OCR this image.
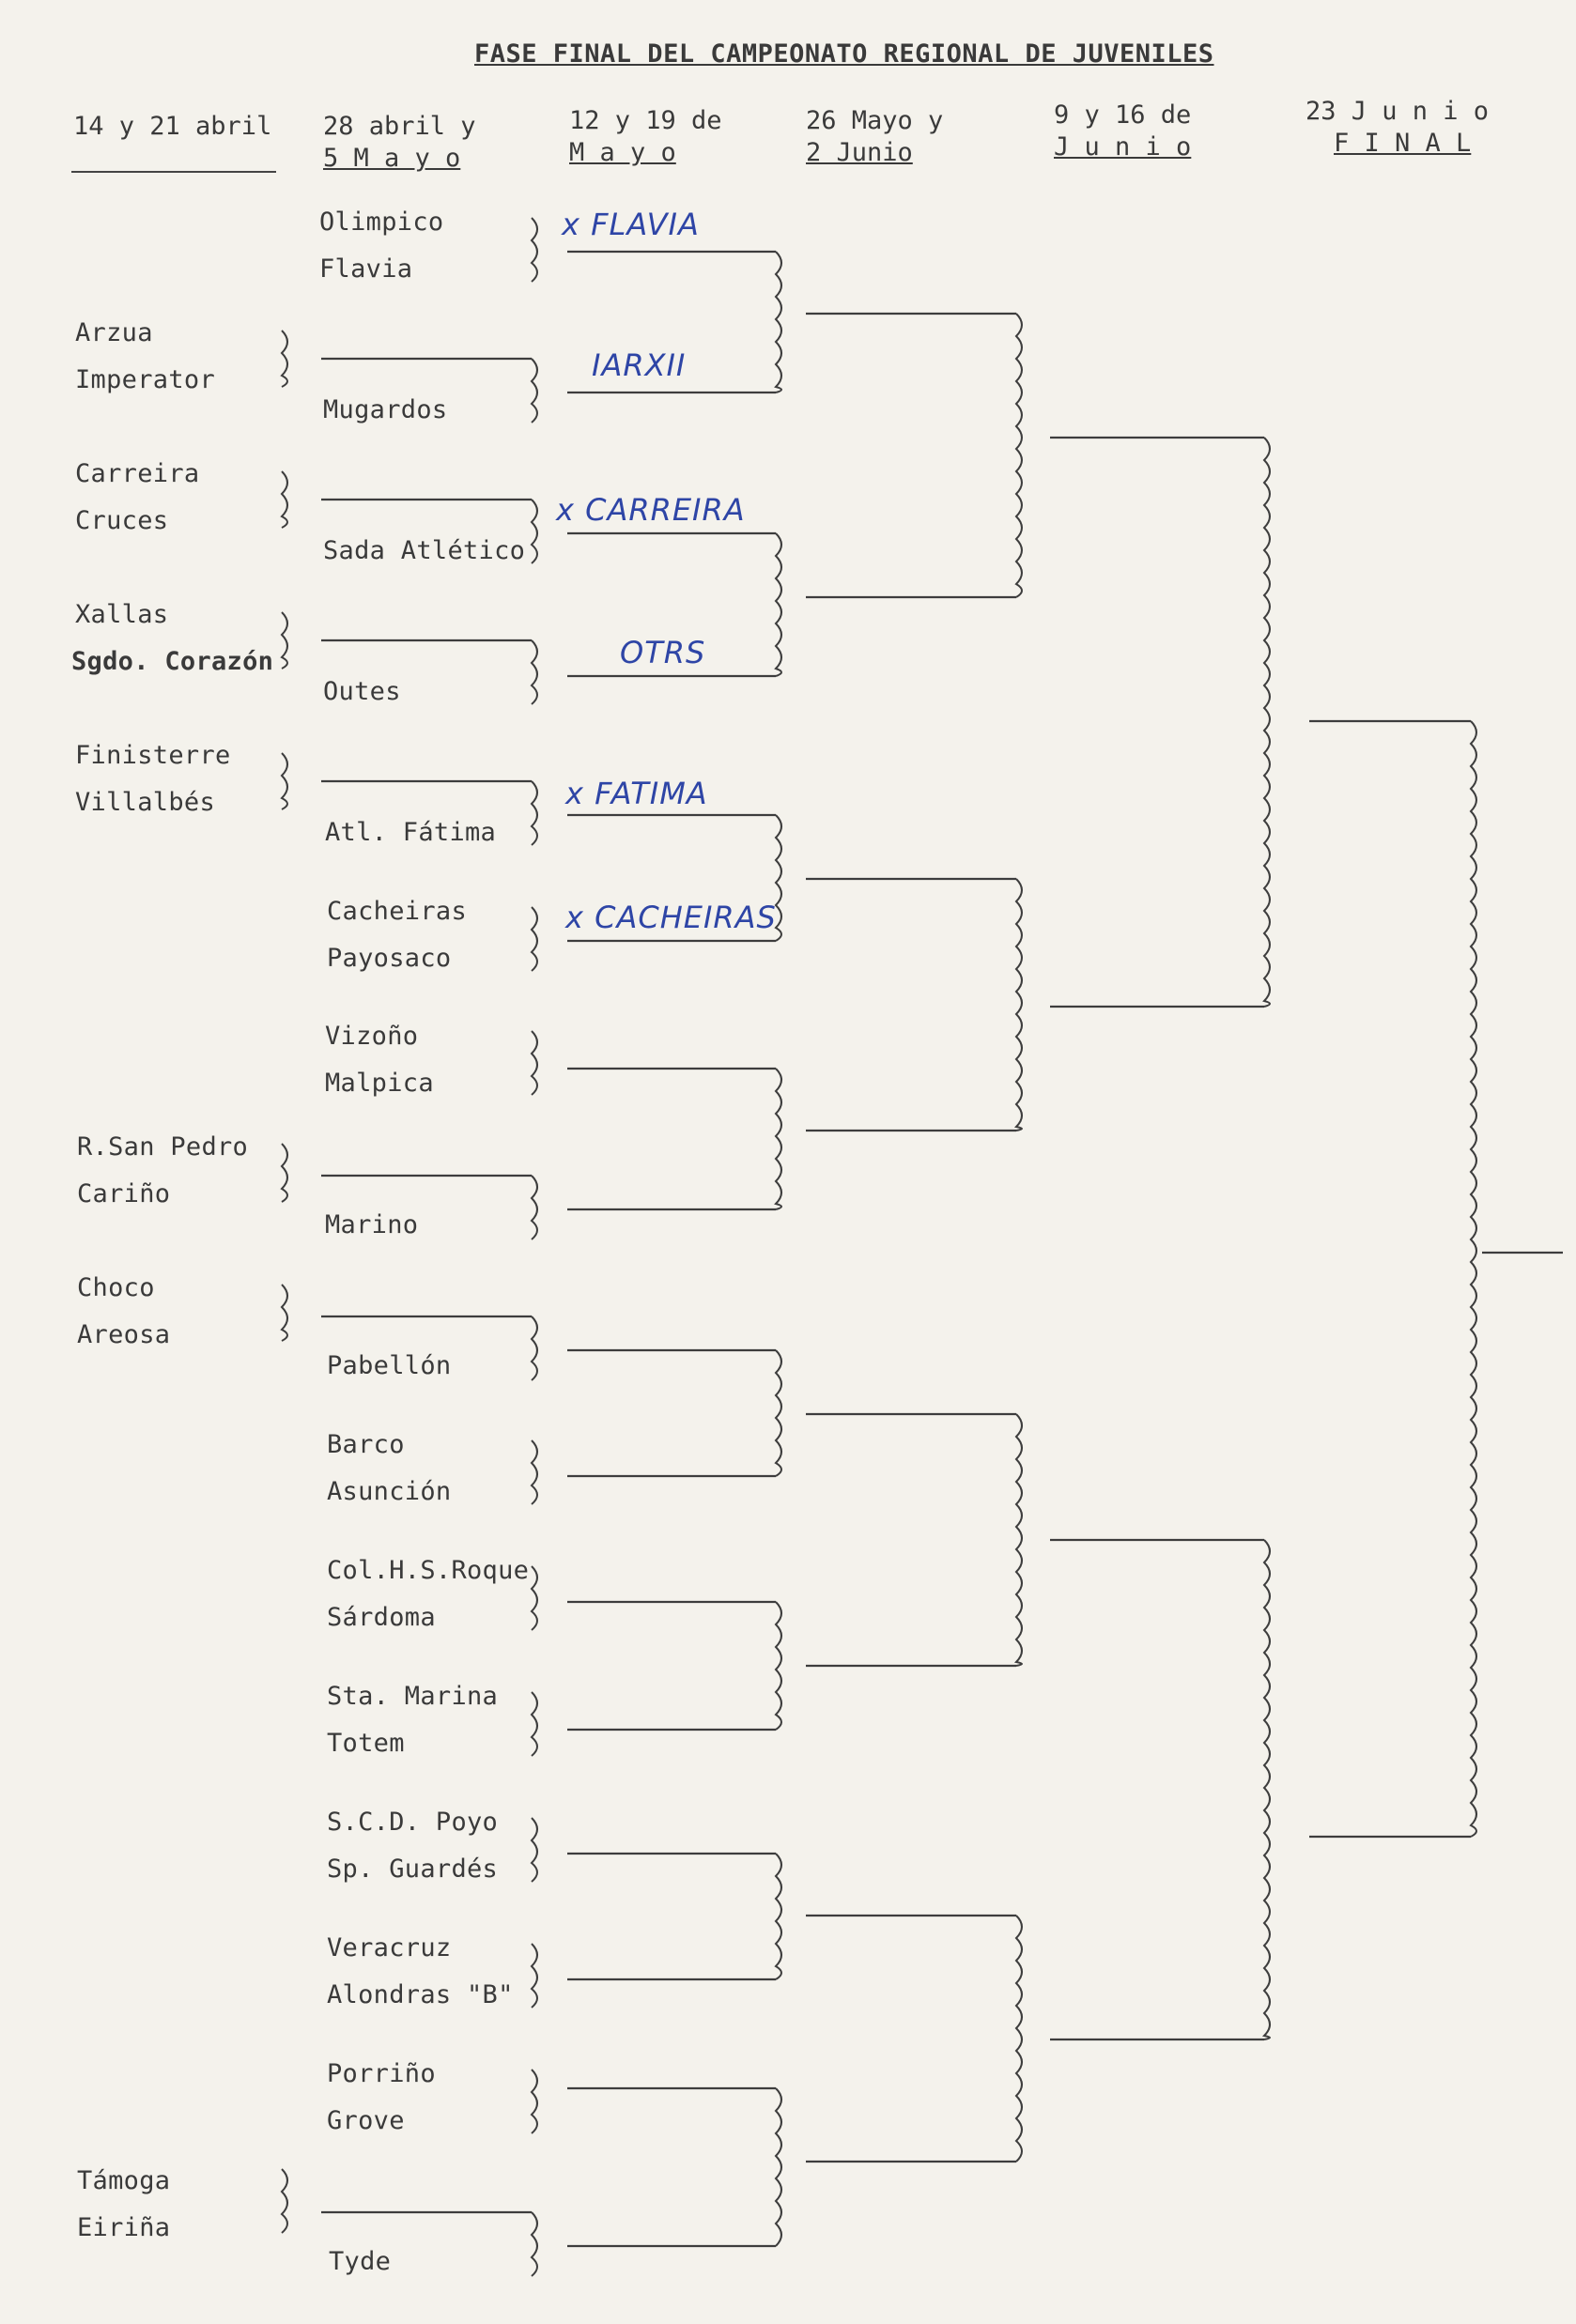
FASE FINAL DEL CAMPEONATO REGIONAL DE JUVENILES
14 y 21 abril 28 abril y
5 M a y o
12 y 19 de
M a y o
26 Mayo y
2 Junio
9 y 16 de
J u n i o
23 J u n i o
F I N A L
Arzua
Imperator
Carreira
Cruces
Xallas
Sgdo. Corazón
Finisterre
Villalbés
R.San Pedro
Cariño
Choco
Areosa
Támoga
Eiriña
Olimpico
Flavia
Mugardos
Sada Atlético
Outes
Atl. Fátima
Cacheiras
Payosaco
Vizoño
Malpica
Marino
Pabellón
Barco
Asunción
Col.H.S.Roque
Sárdoma
Sta. Marina
Totem
S.C.D. Poyo
Sp. Guardés
Veracruz
Alondras "B"
Porriño
Grove
Tyde
x FLAVIA
IARXII
x CARREIRA
OTRS
x FATIMA
x CACHEIRAS
